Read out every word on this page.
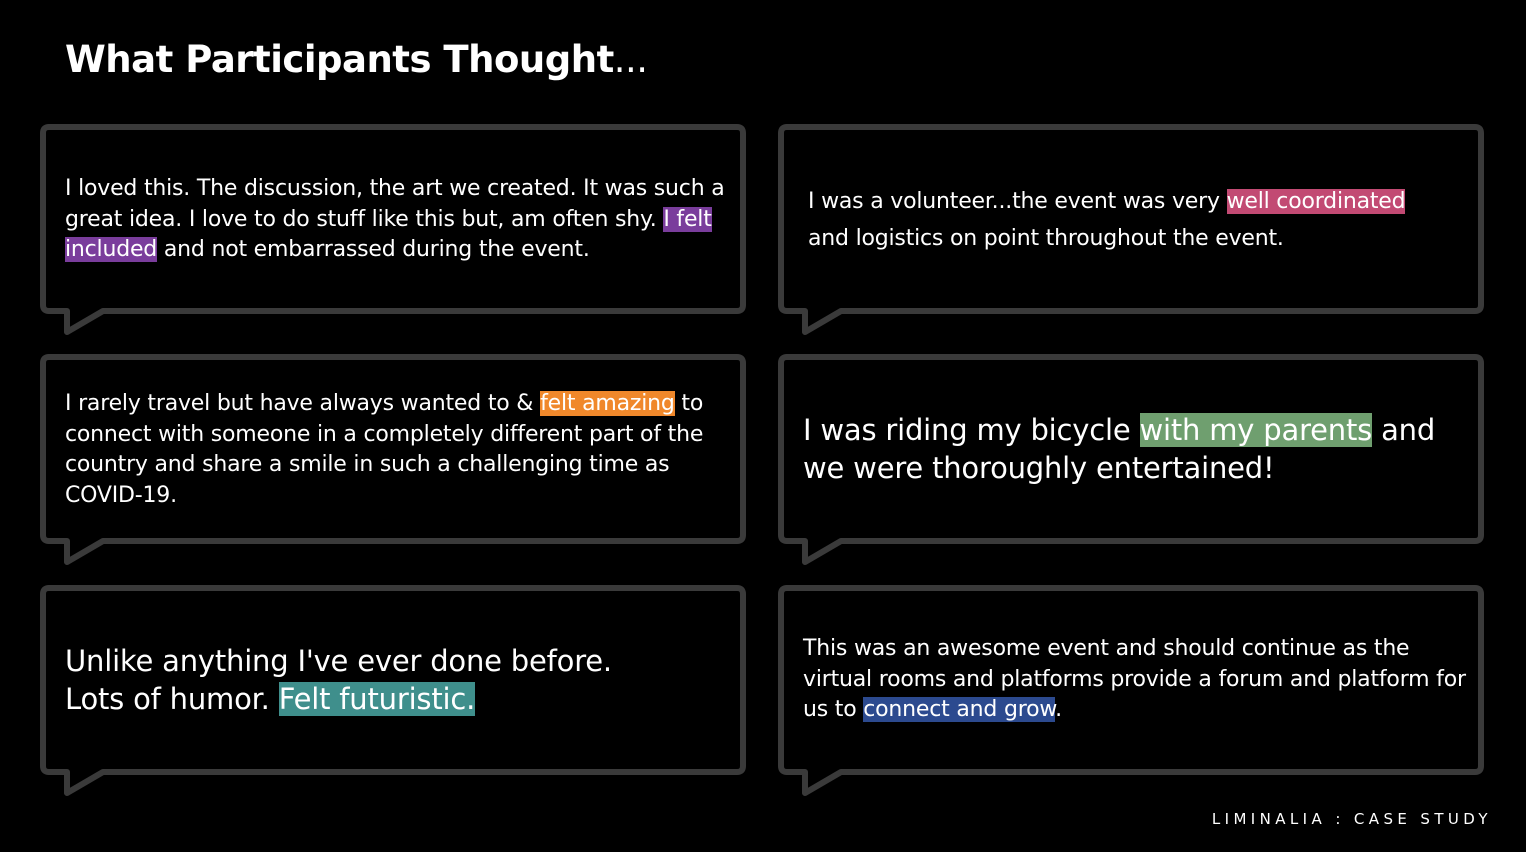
What Participants Thought...

I loved this. The discussion, the art we created. It was such a great idea. I love to do stuff like this but, am often shy. I felt included and not embarrassed during the event.

I was a volunteer...the event was very well coordinated and logistics on point throughout the event.

I rarely travel but have always wanted to & felt amazing to connect with someone in a completely different part of the country and share a smile in such a challenging time as COVID-19.

I was riding my bicycle with my parents and we were thoroughly entertained!

Unlike anything I've ever done before. Lots of humor. Felt futuristic.

This was an awesome event and should continue as the virtual rooms and platforms provide a forum and platform for us to connect and grow.

LIMINALIA : CASE STUDY
